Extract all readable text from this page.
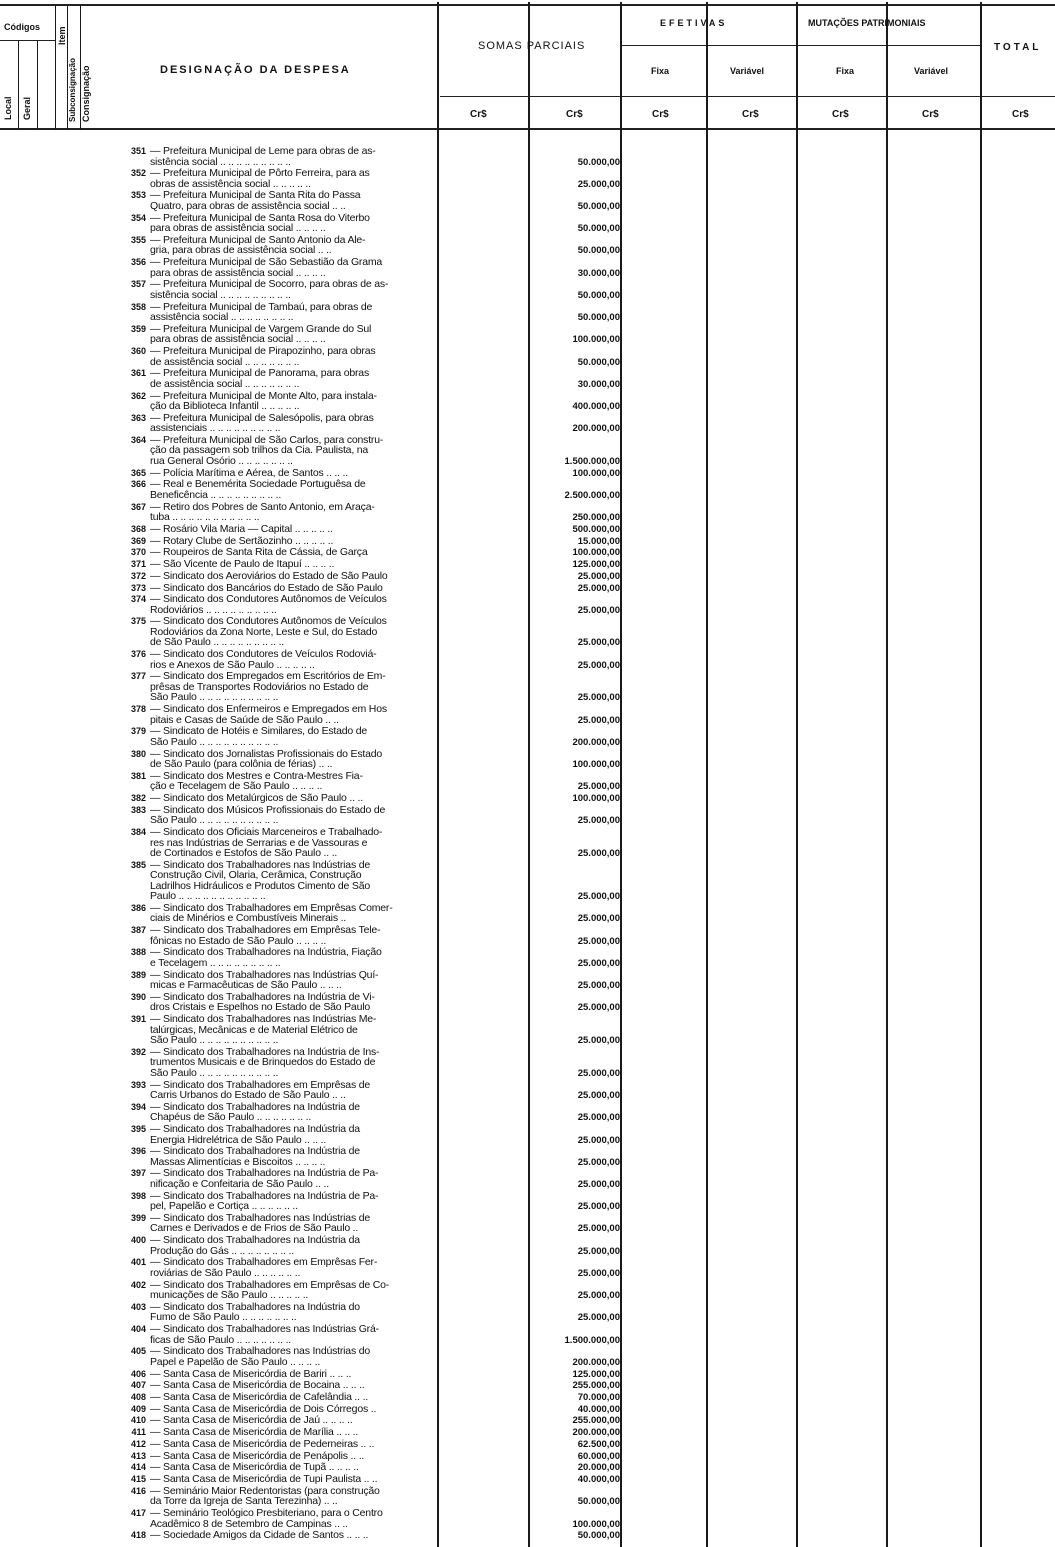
Códigos
Local Geral
Item
Subconsignação Consignação	DESIGNAÇÃO DA DESPESA
SOMAS PARCIAIS
EFETIVAS	MUTAÇÕES PATRIMONIAIS
TOTAL
Fixa	Variável	Fixa	Variável
Cr$	Cr$	Cr$	Cr$	Cr$	Cr$	Cr$
351 — Prefeitura Municipal de Leme para obras de as-
sistência social .. .. .. .. .. .. .. .. ..	50.000,00
352 — Prefeitura Municipal de Pôrto Ferreira, para as
obras de assistência social .. .. .. .. ..	25.000,00
353 — Prefeitura Municipal de Santa Rita do Passa
Quatro, para obras de assistência social .. ..	50.000,00
354 — Prefeitura Municipal de Santa Rosa do Viterbo
para obras de assistência social .. .. .. ..	50.000,00
355 — Prefeitura Municipal de Santo Antonio da Ale-
gria, para obras de assistência social .. ..	50.000,00
356 — Prefeitura Municipal de São Sebastião da Grama
para obras de assistência social .. .. .. ..	30.000,00
357 — Prefeitura Municipal de Socorro, para obras de as-
sistência social .. .. .. .. .. .. .. .. ..	50.000,00
358 — Prefeitura Municipal de Tambaú, para obras de
assistência social .. .. .. .. .. .. .. ..	50.000,00
359 — Prefeitura Municipal de Vargem Grande do Sul
para obras de assistência social .. .. .. ..	100.000,00
360 — Prefeitura Municipal de Pirapozinho, para obras
de assistência social .. .. .. .. .. .. ..	50.000,00
361 — Prefeitura Municipal de Panorama, para obras
de assistência social .. .. .. .. .. .. ..	30.000,00
362 — Prefeitura Municipal de Monte Alto, para instala-
ção da Biblioteca Infantil .. .. .. .. ..	400.000,00
363 — Prefeitura Municipal de Salesópolis, para obras
assistenciais .. .. .. .. .. .. .. .. ..	200.000,00
364 — Prefeitura Municipal de São Carlos, para constru-
ção da passagem sob trilhos da Cia. Paulista, na
rua General Osório .. .. .. .. .. .. ..	1.500.000,00
365 — Polícia Marítima e Aérea, de Santos .. .. ..	100.000,00
366 — Real e Benemérita Sociedade Portuguêsa de
Beneficência .. .. .. .. .. .. .. .. ..	2.500.000,00
367 — Retiro dos Pobres de Santo Antonio, em Araça-
tuba .. .. .. .. .. .. .. .. .. .. ..	250.000,00
368 — Rosário Vila Maria — Capital .. .. .. .. ..	500.000,00
369 — Rotary Clube de Sertãozinho .. .. .. .. ..	15.000,00
370 — Roupeiros de Santa Rita de Cássia, de Garça	100.000,00
371 — São Vicente de Paulo de Itapuí .. .. .. ..	125.000,00
372 — Sindicato dos Aeroviários do Estado de São Paulo	25.000,00
373 — Sindicato dos Bancários do Estado de São Paulo	25.000,00
374 — Sindicato dos Condutores Autônomos de Veículos
Rodoviários .. .. .. .. .. .. .. .. ..	25.000,00
375 — Sindicato dos Condutores Autônomos de Veículos
Rodoviários da Zona Norte, Leste e Sul, do Estado
de São Paulo .. .. .. .. .. .. .. .. ..	25.000,00
376 — Sindicato dos Condutores de Veículos Rodoviá-
rios e Anexos de São Paulo .. .. .. .. ..	25.000,00
377 — Sindicato dos Empregados em Escritórios de Em-
prêsas de Transportes Rodoviários no Estado de
São Paulo .. .. .. .. .. .. .. .. .. ..	25.000,00
378 — Sindicato dos Enfermeiros e Empregados em Hos
pitais e Casas de Saúde de São Paulo .. ..	25.000,00
379 — Sindicato de Hotéis e Similares, do Estado de
São Paulo .. .. .. .. .. .. .. .. .. ..	200.000,00
380 — Sindicato dos Jornalistas Profissionais do Estado
de São Paulo (para colônia de férias) .. ..	100.000,00
381 — Sindicato dos Mestres e Contra-Mestres Fia-
ção e Tecelagem de São Paulo .. .. .. ..	25.000,00
382 — Sindicato dos Metalúrgicos de São Paulo .. ..	100.000,00
383 — Sindicato dos Músicos Profissionais do Estado de
São Paulo .. .. .. .. .. .. .. .. .. ..	25.000,00
384 — Sindicato dos Oficiais Marceneiros e Trabalhado-
res nas Indústrias de Serrarias e de Vassouras e
de Cortinados e Estofos de São Paulo .. ..	25.000,00
385 — Sindicato dos Trabalhadores nas Indústrias de
Construção Civil, Olaria, Cerâmica, Construção
Ladrilhos Hidráulicos e Produtos Cimento de São
Paulo .. .. .. .. .. .. .. .. .. .. ..	25.000,00
386 — Sindicato dos Trabalhadores em Emprêsas Comer-
ciais de Minérios e Combustíveis Minerais ..	25.000,00
387 — Sindicato dos Trabalhadores em Emprêsas Tele-
fônicas no Estado de São Paulo .. .. .. ..	25.000,00
388 — Sindicato dos Trabalhadores na Indústria, Fiação
e Tecelagem .. .. .. .. .. .. .. .. ..	25.000,00
389 — Sindicato dos Trabalhadores nas Indústrias Quí-
micas e Farmacêuticas de São Paulo .. .. ..	25.000,00
390 — Sindicato dos Trabalhadores na Indústria de Vi-
dros Cristais e Espelhos no Estado de São Paulo	25.000,00
391 — Sindicato dos Trabalhadores nas Indústrias Me-
talúrgicas, Mecânicas e de Material Elétrico de
São Paulo .. .. .. .. .. .. .. .. .. ..	25.000,00
392 — Sindicato dos Trabalhadores na Indústria de Ins-
trumentos Musicais e de Brinquedos do Estado de
São Paulo .. .. .. .. .. .. .. .. .. ..	25.000,00
393 — Sindicato dos Trabalhadores em Emprêsas de
Carris Urbanos do Estado de São Paulo .. ..	25.000,00
394 — Sindicato dos Trabalhadores na Indústria de
Chapéus de São Paulo .. .. .. .. .. .. ..	25.000,00
395 — Sindicato dos Trabalhadores na Indústria da
Energia Hidrelétrica de São Paulo .. .. ..	25.000,00
396 — Sindicato dos Trabalhadores na Indústria de
Massas Alimentícias e Biscoitos .. .. .. ..	25.000,00
397 — Sindicato dos Trabalhadores na Indústria de Pa-
nificação e Confeitaria de São Paulo .. ..	25.000,00
398 — Sindicato dos Trabalhadores na Indústria de Pa-
pel, Papelão e Cortiça .. .. .. .. .. ..	25.000,00
399 — Sindicato dos Trabalhadores nas Indústrias de
Carnes e Derivados e de Frios de São Paulo ..	25.000,00
400 — Sindicato dos Trabalhadores na Indústria da
Produção do Gás .. .. .. .. .. .. .. ..	25.000,00
401 — Sindicato dos Trabalhadores em Emprêsas Fer-
roviárias de São Paulo .. .. .. .. .. ..	25.000,00
402 — Sindicato dos Trabalhadores em Emprêsas de Co-
municações de São Paulo .. .. .. .. ..	25.000,00
403 — Sindicato dos Trabalhadores na Indústria do
Fumo de São Paulo .. .. .. .. .. .. ..	25.000,00
404 — Sindicato dos Trabalhadores nas Indústrias Grá-
ficas de São Paulo .. .. .. .. .. .. ..	1.500.000,00
405 — Sindicato dos Trabalhadores nas Indústrias do
Papel e Papelão de São Paulo .. .. .. ..	200.000,00
406 — Santa Casa de Misericórdia de Bariri .. .. ..	125.000,00
407 — Santa Casa de Misericórdia de Bocaina .. .. ..	255.000,00
408 — Santa Casa de Misericórdia de Cafelândia .. ..	70.000,00
409 — Santa Casa de Misericórdia de Dois Córregos ..	40.000,00
410 — Santa Casa de Misericórdia de Jaú .. .. .. ..	255.000,00
411 — Santa Casa de Misericórdia de Marília .. .. ..	200.000,00
412 — Santa Casa de Misericórdia de Pederneiras .. ..	62.500,00
413 — Santa Casa de Misericórdia de Penápolis .. ..	60.000,00
414 — Santa Casa de Misericórdia de Tupã .. .. .. ..	20.000,00
415 — Santa Casa de Misericórdia de Tupi Paulista .. ..	40.000,00
416 — Seminário Maior Redentoristas (para construção
da Torre da Igreja de Santa Terezinha) .. ..	50.000,00
417 — Seminário Teológico Presbiteriano, para o Centro
Acadêmico 8 de Setembro de Campinas .. ..	100.000,00
418 — Sociedade Amigos da Cidade de Santos .. .. ..	50.000,00
